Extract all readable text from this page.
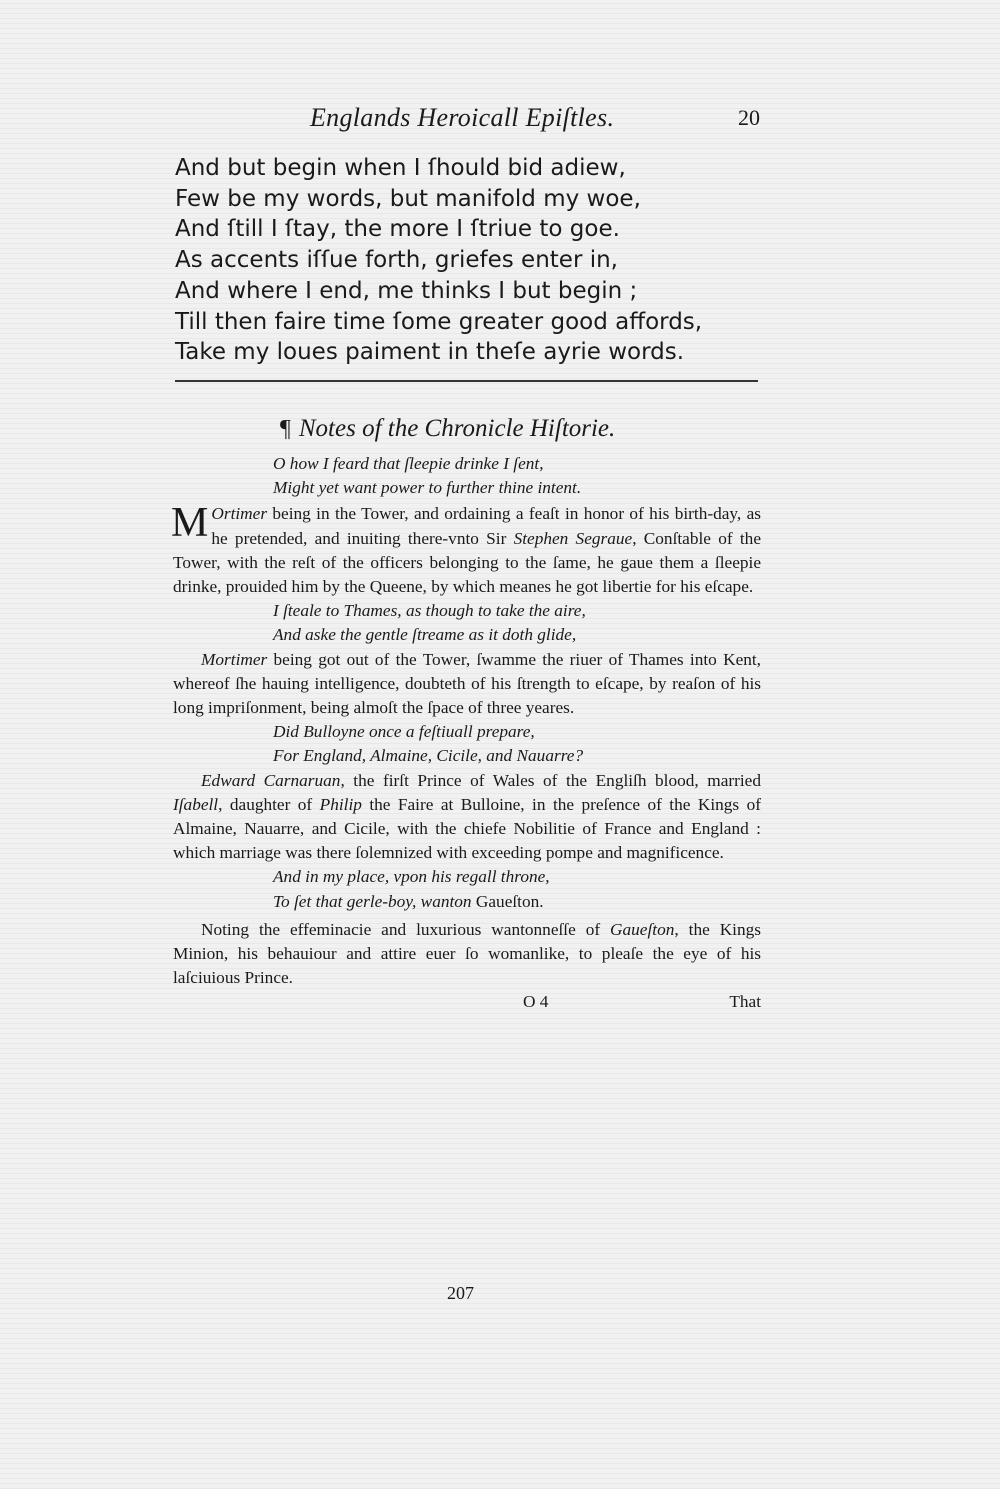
Englands Heroicall Epiſtles.	20
And but begin when I ſhould bid adiew,
Few be my words, but manifold my woe,
And ſtill I ſtay, the more I ſtriue to goe.
As accents iſſue forth, griefes enter in,
And where I end, me thinks I but begin ;
Till then faire time ſome greater good affords,
Take my loues paiment in theſe ayrie words.
¶ Notes of the Chronicle Hiſtorie.
O how I feard that ſleepie drinke I ſent,
Might yet want power to further thine intent.
M Ortimer being in the Tower, and ordaining a feaſt in honor of his birth-day, as he pretended, and inuiting there-vnto Sir Stephen Segraue, Conſtable of the Tower, with the reſt of the officers belonging to the ſame, he gaue them a ſleepie drinke, prouided him by the Queene, by which meanes he got libertie for his eſcape.
I ſteale to Thames, as though to take the aire,
And aske the gentle ſtreame as it doth glide,
Mortimer being got out of the Tower, ſwamme the riuer of Thames into Kent, whereof ſhe hauing intelligence, doubteth of his ſtrength to eſcape, by reaſon of his long impriſonment, being almoſt the ſpace of three yeares.
Did Bulloyne once a feſtiuall prepare,
For England, Almaine, Cicile, and Nauarre?
Edward Carnaruan, the firſt Prince of Wales of the Engliſh blood, married Iſabell, daughter of Philip the Faire at Bulloine, in the preſence of the Kings of Almaine, Nauarre, and Cicile, with the chiefe Nobilitie of France and England : which marriage was there ſolemnized with exceeding pompe and magnificence.
And in my place, vpon his regall throne,
To ſet that gerle-boy, wanton Gaueſton.
Noting the effeminacie and luxurious wantonneſſe of Gaueſton, the Kings Minion, his behauiour and attire euer ſo womanlike, to pleaſe the eye of his laſciuious Prince.
O 4	That
207
